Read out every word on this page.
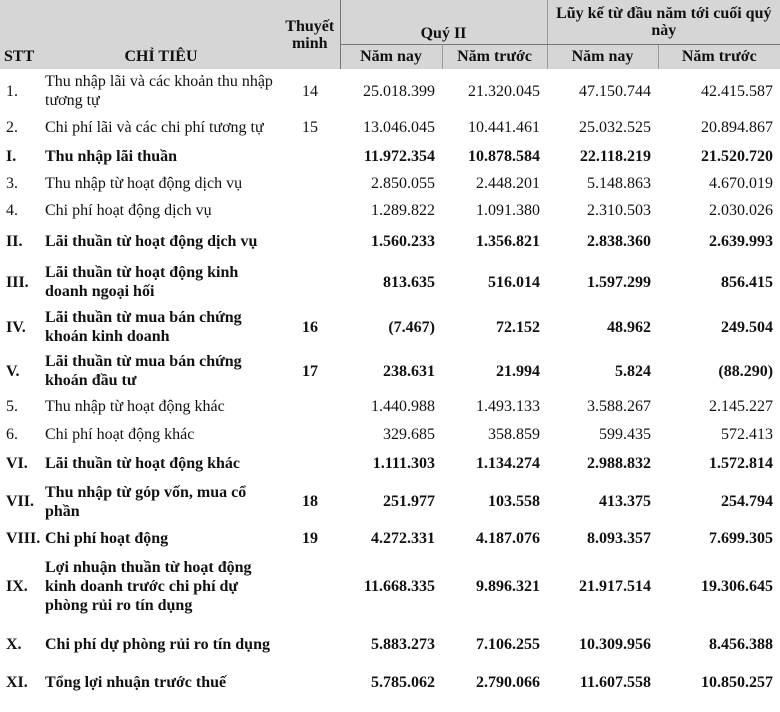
STT	CHỈ TIÊU	Thuyết minh	Quý II		Lũy kế từ đầu năm tới cuối quý này	
			Năm nay	Năm trước	Năm nay	Năm trước
1.	Thu nhập lãi và các khoản thu nhập tương tự	14	25.018.399	21.320.045	47.150.744	42.415.587
2.	Chi phí lãi và các chi phí tương tự	15	13.046.045	10.441.461	25.032.525	20.894.867
I.	Thu nhập lãi thuần		11.972.354	10.878.584	22.118.219	21.520.720
3.	Thu nhập từ hoạt động dịch vụ		2.850.055	2.448.201	5.148.863	4.670.019
4.	Chi phí hoạt động dịch vụ		1.289.822	1.091.380	2.310.503	2.030.026
II.	Lãi thuần từ hoạt động dịch vụ		1.560.233	1.356.821	2.838.360	2.639.993
III.	Lãi thuần từ hoạt động kinh doanh ngoại hối		813.635	516.014	1.597.299	856.415
IV.	Lãi thuần từ mua bán chứng khoán kinh doanh	16	(7.467)	72.152	48.962	249.504
V.	Lãi thuần từ mua bán chứng khoán đầu tư	17	238.631	21.994	5.824	(88.290)
5.	Thu nhập từ hoạt động khác		1.440.988	1.493.133	3.588.267	2.145.227
6.	Chi phí hoạt động khác		329.685	358.859	599.435	572.413
VI.	Lãi thuần từ hoạt động khác		1.111.303	1.134.274	2.988.832	1.572.814
VII.	Thu nhập từ góp vốn, mua cổ phần	18	251.977	103.558	413.375	254.794
VIII.	Chi phí hoạt động	19	4.272.331	4.187.076	8.093.357	7.699.305
IX.	Lợi nhuận thuần từ hoạt động kinh doanh trước chi phí dự phòng rủi ro tín dụng		11.668.335	9.896.321	21.917.514	19.306.645
X.	Chi phí dự phòng rủi ro tín dụng		5.883.273	7.106.255	10.309.956	8.456.388
XI.	Tổng lợi nhuận trước thuế		5.785.062	2.790.066	11.607.558	10.850.257
